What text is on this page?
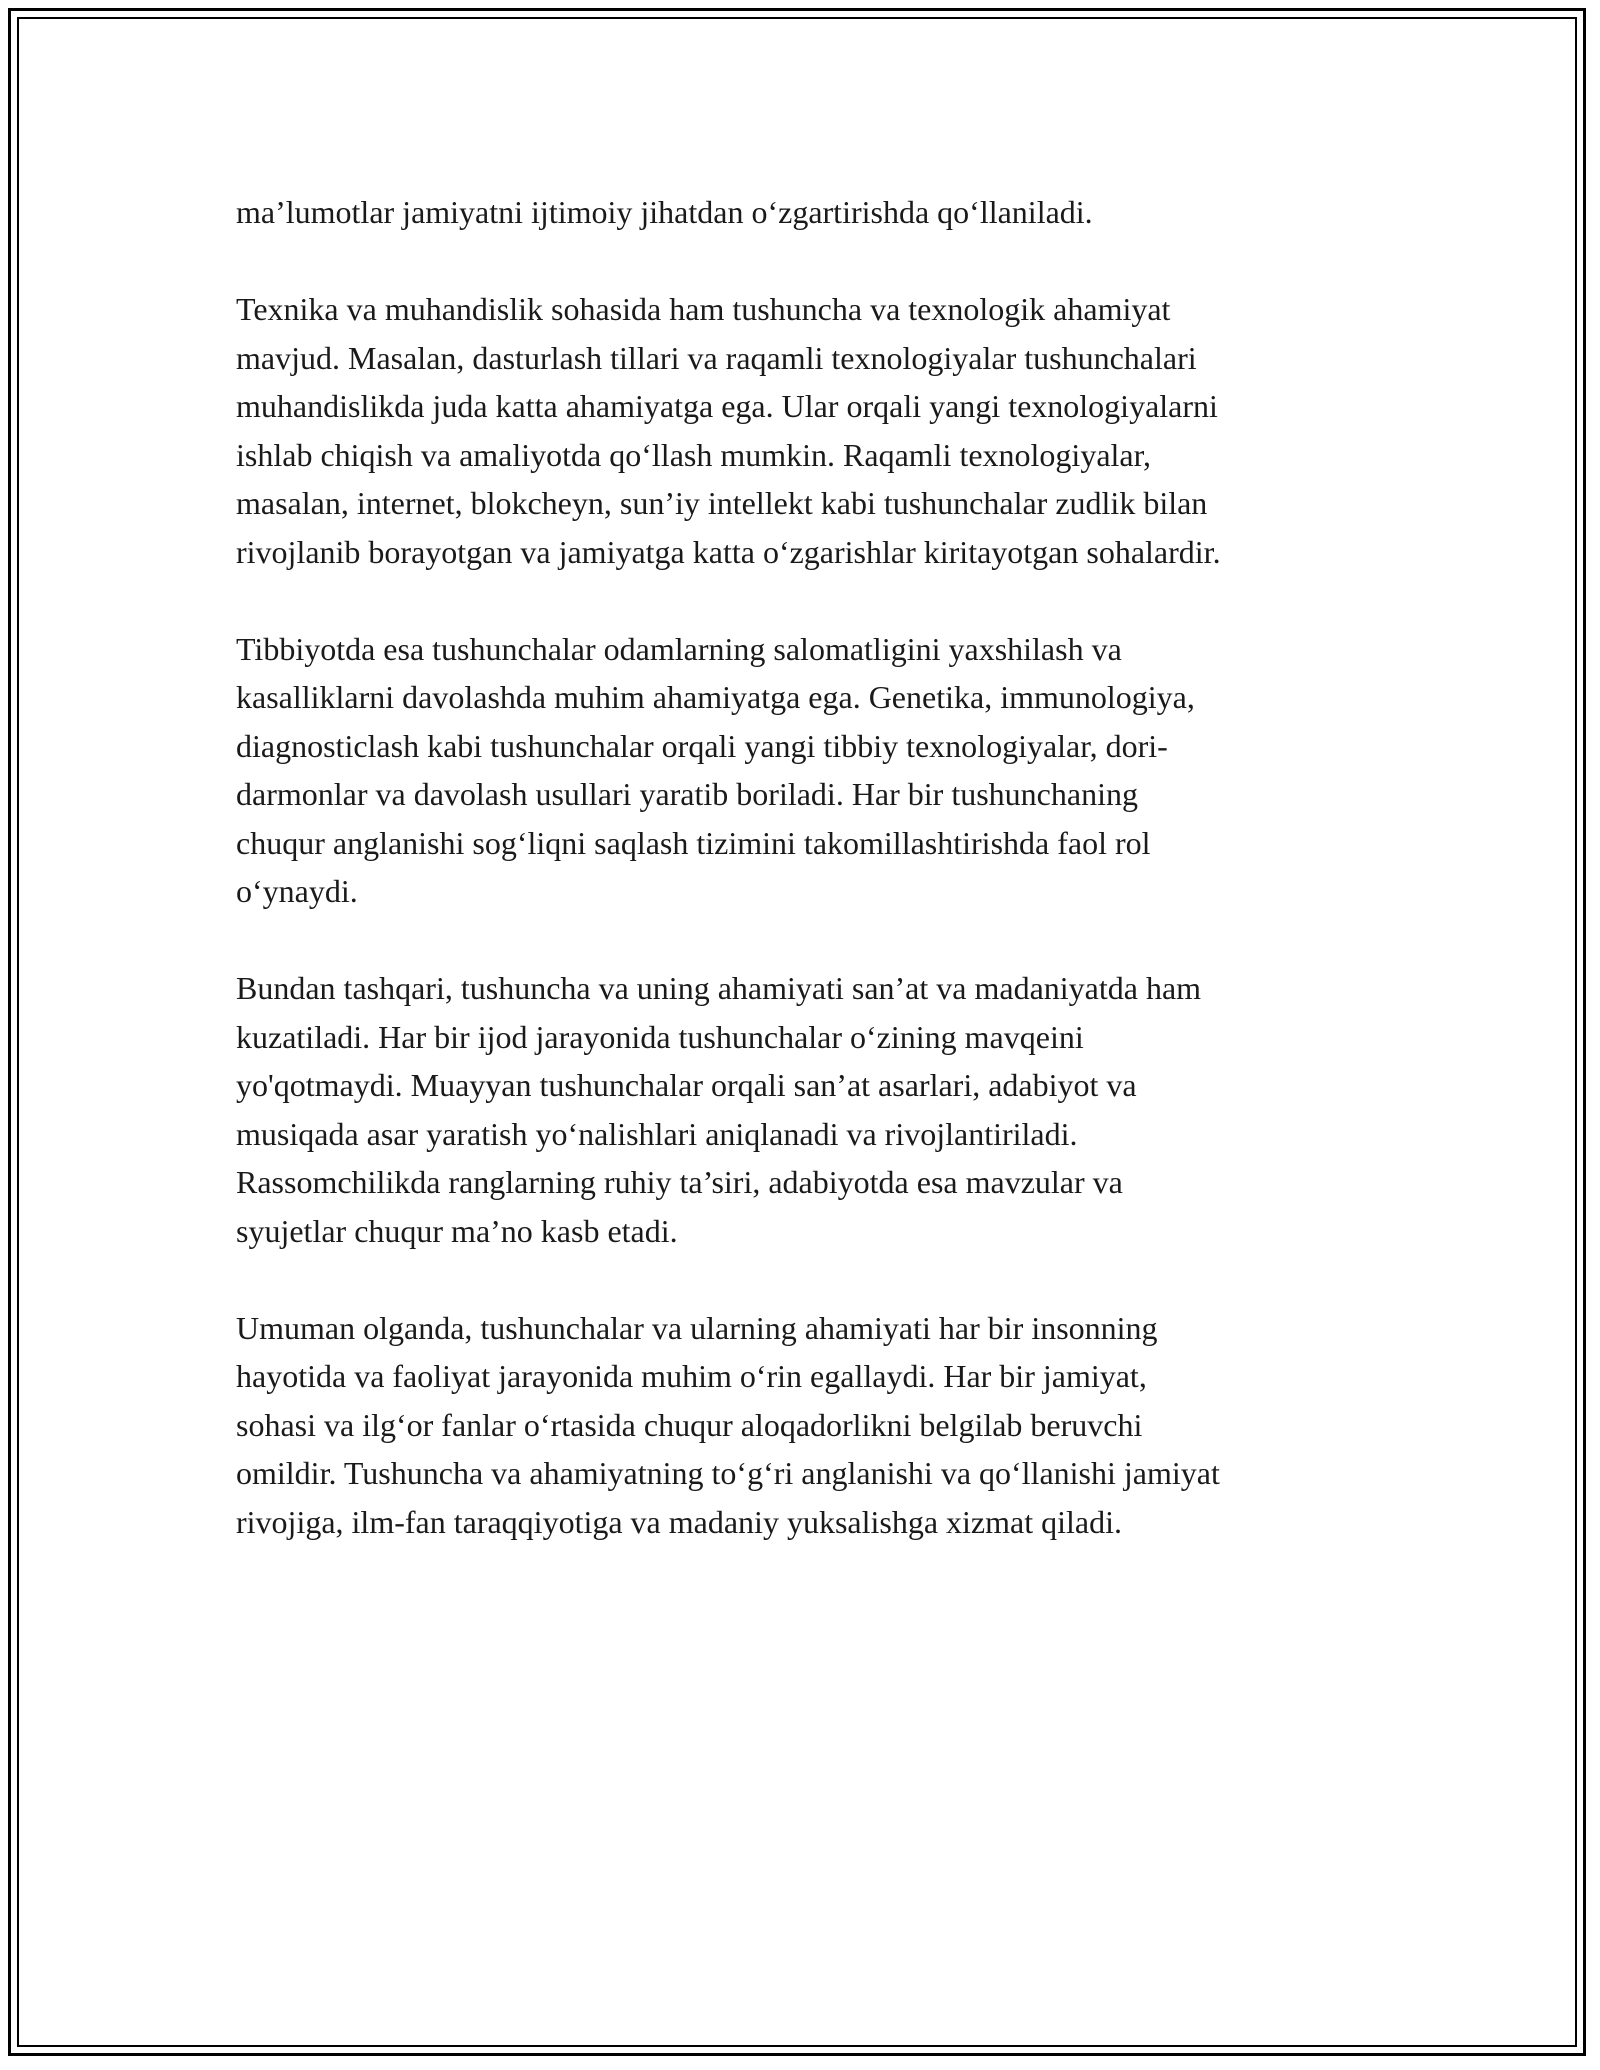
ma’lumotlar jamiyatni ijtimoiy jihatdan o‘zgartirishda qo‘llaniladi.

Texnika va muhandislik sohasida ham tushuncha va texnologik ahamiyat
mavjud. Masalan, dasturlash tillari va raqamli texnologiyalar tushunchalari
muhandislikda juda katta ahamiyatga ega. Ular orqali yangi texnologiyalarni
ishlab chiqish va amaliyotda qo‘llash mumkin. Raqamli texnologiyalar,
masalan, internet, blokcheyn, sun’iy intellekt kabi tushunchalar zudlik bilan
rivojlanib borayotgan va jamiyatga katta o‘zgarishlar kiritayotgan sohalardir.

Tibbiyotda esa tushunchalar odamlarning salomatligini yaxshilash va
kasalliklarni davolashda muhim ahamiyatga ega. Genetika, immunologiya,
diagnosticlash kabi tushunchalar orqali yangi tibbiy texnologiyalar, dori-
darmonlar va davolash usullari yaratib boriladi. Har bir tushunchaning
chuqur anglanishi sog‘liqni saqlash tizimini takomillashtirishda faol rol
o‘ynaydi.

Bundan tashqari, tushuncha va uning ahamiyati san’at va madaniyatda ham
kuzatiladi. Har bir ijod jarayonida tushunchalar o‘zining mavqeini
yo'qotmaydi. Muayyan tushunchalar orqali san’at asarlari, adabiyot va
musiqada asar yaratish yo‘nalishlari aniqlanadi va rivojlantiriladi.
Rassomchilikda ranglarning ruhiy ta’siri, adabiyotda esa mavzular va
syujetlar chuqur ma’no kasb etadi.

Umuman olganda, tushunchalar va ularning ahamiyati har bir insonning
hayotida va faoliyat jarayonida muhim o‘rin egallaydi. Har bir jamiyat,
sohasi va ilg‘or fanlar o‘rtasida chuqur aloqadorlikni belgilab beruvchi
omildir. Tushuncha va ahamiyatning to‘g‘ri anglanishi va qo‘llanishi jamiyat
rivojiga, ilm-fan taraqqiyotiga va madaniy yuksalishga xizmat qiladi.
